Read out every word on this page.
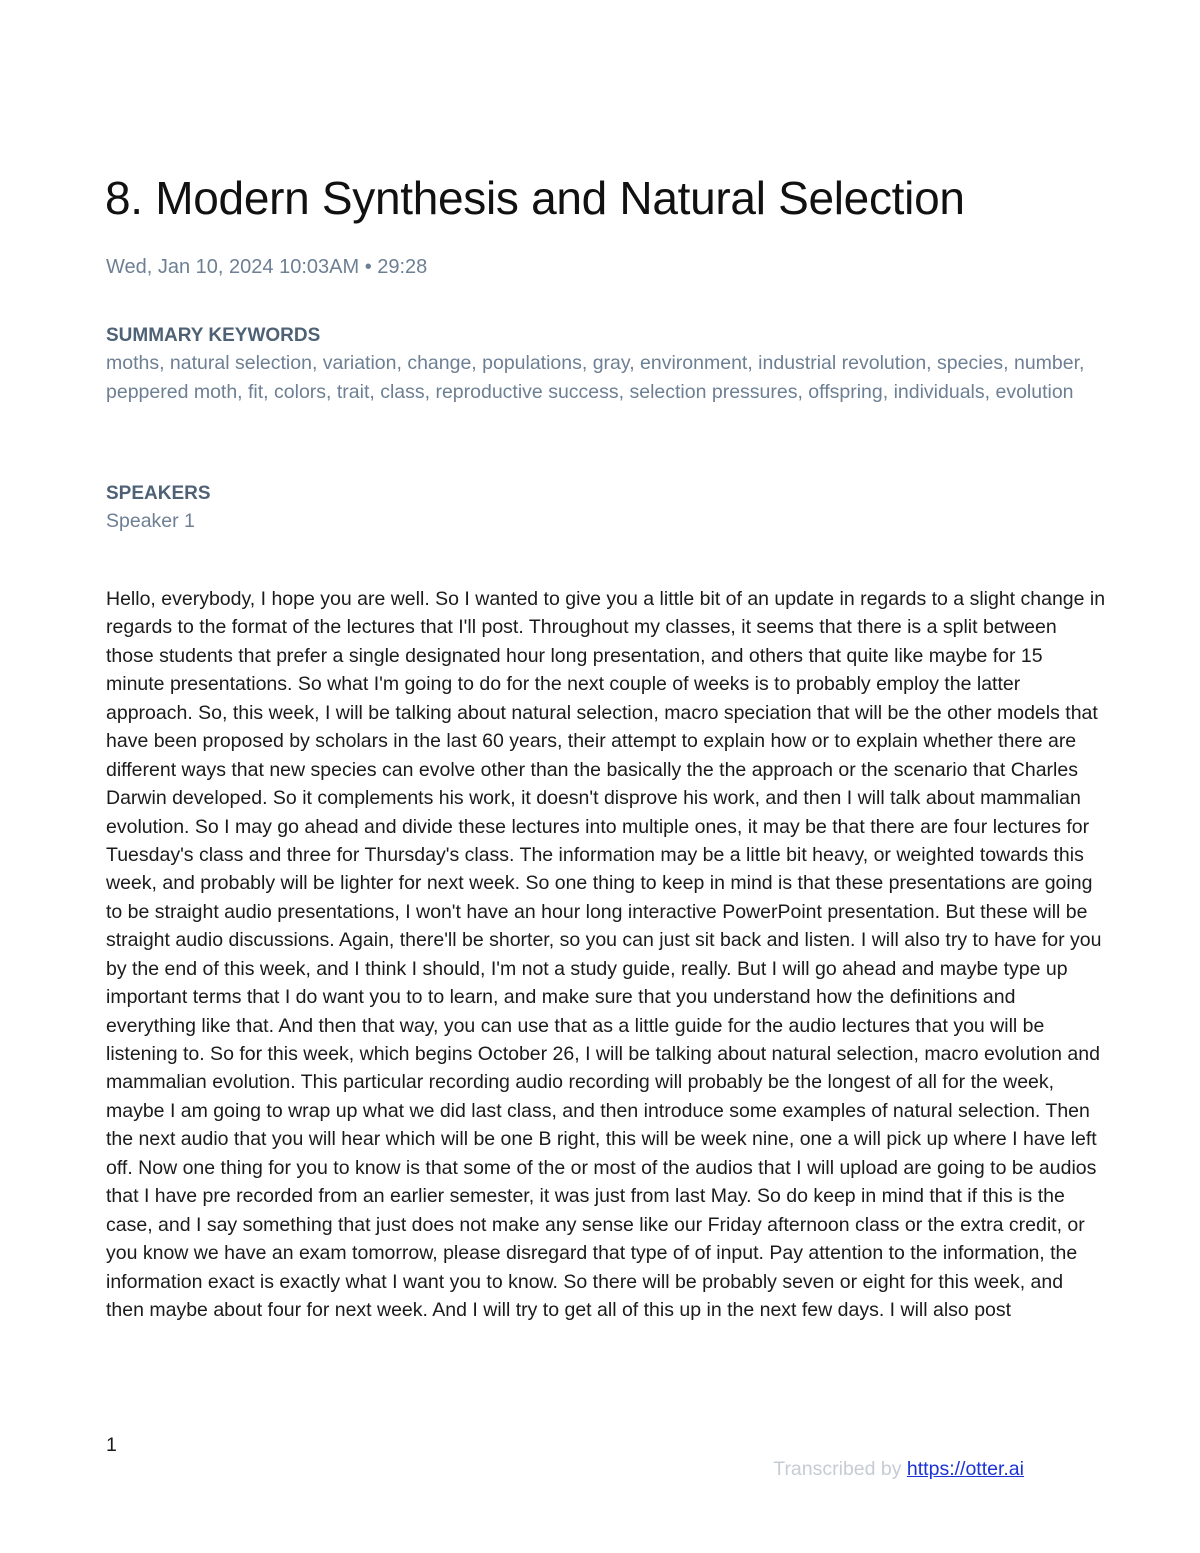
8. Modern Synthesis and Natural Selection
Wed, Jan 10, 2024 10:03AM • 29:28
SUMMARY KEYWORDS
moths, natural selection, variation, change, populations, gray, environment, industrial revolution, species, number, peppered moth, fit, colors, trait, class, reproductive success, selection pressures, offspring, individuals, evolution
SPEAKERS
Speaker 1

Hello, everybody, I hope you are well. So I wanted to give you a little bit of an update in regards to a slight change in regards to the format of the lectures that I'll post. Throughout my classes, it seems that there is a split between those students that prefer a single designated hour long presentation, and others that quite like maybe for 15 minute presentations. So what I'm going to do for the next couple of weeks is to probably employ the latter approach. So, this week, I will be talking about natural selection, macro speciation that will be the other models that have been proposed by scholars in the last 60 years, their attempt to explain how or to explain whether there are different ways that new species can evolve other than the basically the the approach or the scenario that Charles Darwin developed. So it complements his work, it doesn't disprove his work, and then I will talk about mammalian evolution. So I may go ahead and divide these lectures into multiple ones, it may be that there are four lectures for Tuesday's class and three for Thursday's class. The information may be a little bit heavy, or weighted towards this week, and probably will be lighter for next week. So one thing to keep in mind is that these presentations are going to be straight audio presentations, I won't have an hour long interactive PowerPoint presentation. But these will be straight audio discussions. Again, there'll be shorter, so you can just sit back and listen. I will also try to have for you by the end of this week, and I think I should, I'm not a study guide, really. But I will go ahead and maybe type up important terms that I do want you to to learn, and make sure that you understand how the definitions and everything like that. And then that way, you can use that as a little guide for the audio lectures that you will be listening to. So for this week, which begins October 26, I will be talking about natural selection, macro evolution and mammalian evolution. This particular recording audio recording will probably be the longest of all for the week, maybe I am going to wrap up what we did last class, and then introduce some examples of natural selection. Then the next audio that you will hear which will be one B right, this will be week nine, one a will pick up where I have left off. Now one thing for you to know is that some of the or most of the audios that I will upload are going to be audios that I have pre recorded from an earlier semester, it was just from last May. So do keep in mind that if this is the case, and I say something that just does not make any sense like our Friday afternoon class or the extra credit, or you know we have an exam tomorrow, please disregard that type of of input. Pay attention to the information, the information exact is exactly what I want you to know. So there will be probably seven or eight for this week, and then maybe about four for next week. And I will try to get all of this up in the next few days. I will also post

1
Transcribed by https://otter.ai
